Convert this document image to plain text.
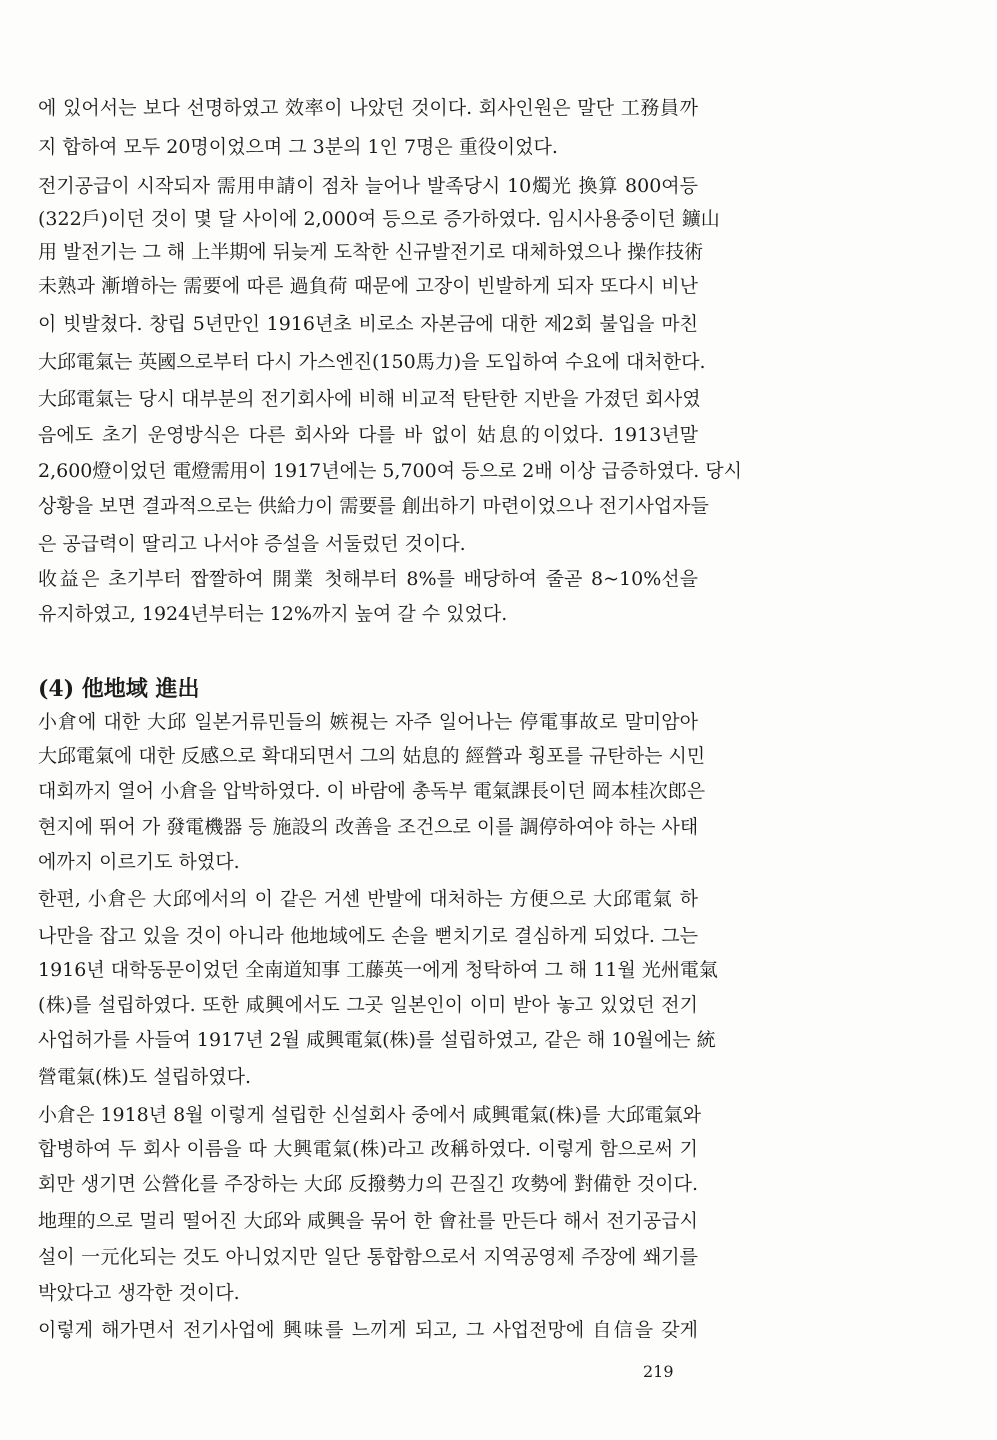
에 있어서는 보다 선명하였고 效率이 나았던 것이다. 회사인원은 말단 工務員까
지 합하여 모두 20명이었으며 그 3분의 1인 7명은 重役이었다.
전기공급이 시작되자 需用申請이 점차 늘어나 발족당시 10燭光 換算 800여등
(322戶)이던 것이 몇 달 사이에 2,000여 등으로 증가하였다. 임시사용중이던 鑛山
用 발전기는 그 해 上半期에 뒤늦게 도착한 신규발전기로 대체하였으나 操作技術
未熟과 漸增하는 需要에 따른 過負荷 때문에 고장이 빈발하게 되자 또다시 비난
이 빗발쳤다. 창립 5년만인 1916년초 비로소 자본금에 대한 제2회 불입을 마친
大邱電氣는 英國으로부터 다시 가스엔진(150馬力)을 도입하여 수요에 대처한다.
大邱電氣는 당시 대부분의 전기회사에 비해 비교적 탄탄한 지반을 가졌던 회사였
음에도 초기 운영방식은 다른 회사와 다를 바 없이 姑息的이었다. 1913년말
2,600燈이었던 電燈需用이 1917년에는 5,700여 등으로 2배 이상 급증하였다. 당시
상황을 보면 결과적으로는 供給力이 需要를 創出하기 마련이었으나 전기사업자들
은 공급력이 딸리고 나서야 증설을 서둘렀던 것이다.
收益은 초기부터 짭짤하여 開業 첫해부터 8%를 배당하여 줄곧 8~10%선을
유지하였고, 1924년부터는 12%까지 높여 갈 수 있었다.
(4) 他地域 進出
小倉에 대한 大邱 일본거류민들의 嫉視는 자주 일어나는 停電事故로 말미암아
大邱電氣에 대한 反感으로 확대되면서 그의 姑息的 經營과 횡포를 규탄하는 시민
대회까지 열어 小倉을 압박하였다. 이 바람에 총독부 電氣課長이던 岡本桂次郎은
현지에 뛰어 가 發電機器 등 施設의 改善을 조건으로 이를 調停하여야 하는 사태
에까지 이르기도 하였다.
한편, 小倉은 大邱에서의 이 같은 거센 반발에 대처하는 方便으로 大邱電氣 하
나만을 잡고 있을 것이 아니라 他地域에도 손을 뻗치기로 결심하게 되었다. 그는
1916년 대학동문이었던 全南道知事 工藤英一에게 청탁하여 그 해 11월 光州電氣
(株)를 설립하였다. 또한 咸興에서도 그곳 일본인이 이미 받아 놓고 있었던 전기
사업허가를 사들여 1917년 2월 咸興電氣(株)를 설립하였고, 같은 해 10월에는 統
營電氣(株)도 설립하였다.
小倉은 1918년 8월 이렇게 설립한 신설회사 중에서 咸興電氣(株)를 大邱電氣와
합병하여 두 회사 이름을 따 大興電氣(株)라고 改稱하였다. 이렇게 함으로써 기
회만 생기면 公營化를 주장하는 大邱 反撥勢力의 끈질긴 攻勢에 對備한 것이다.
地理的으로 멀리 떨어진 大邱와 咸興을 묶어 한 會社를 만든다 해서 전기공급시
설이 一元化되는 것도 아니었지만 일단 통합함으로서 지역공영제 주장에 쐐기를
박았다고 생각한 것이다.
이렇게 해가면서 전기사업에 興味를 느끼게 되고, 그 사업전망에 自信을 갖게
219
